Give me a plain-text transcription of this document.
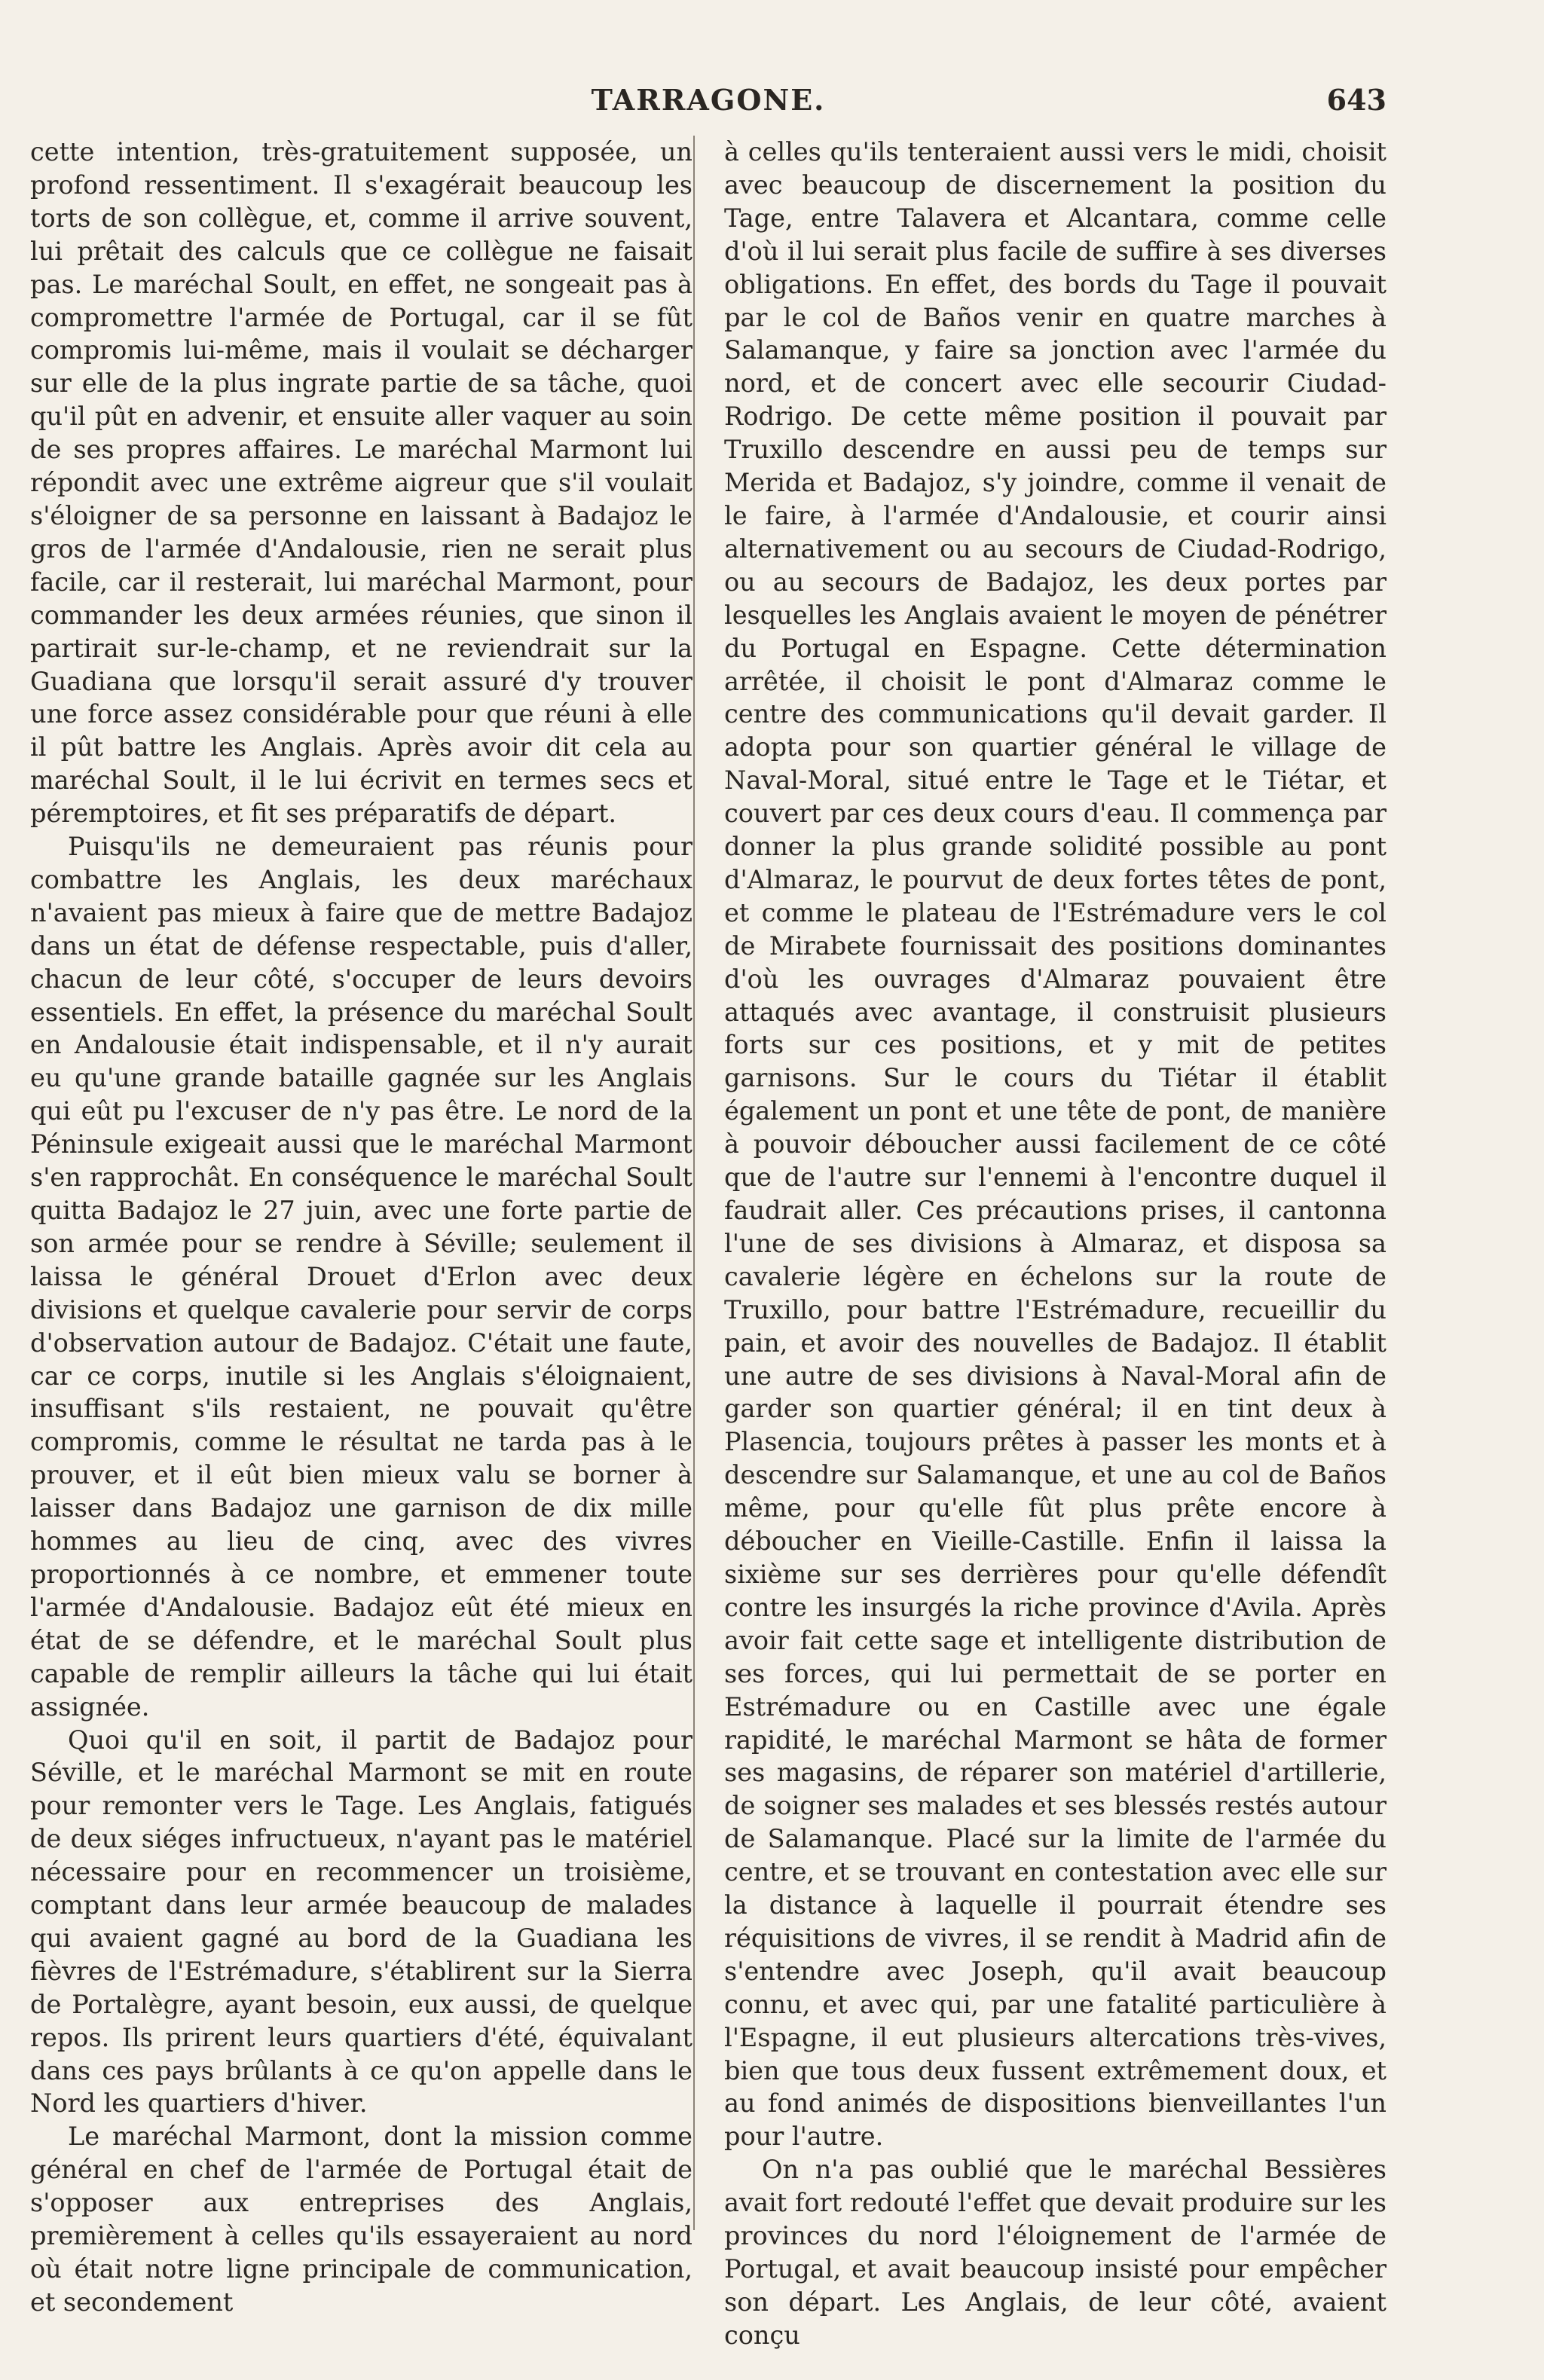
TARRAGONE.	643

cette intention, très-gratuitement supposée, un profond ressentiment. Il s'exagérait beaucoup les torts de son collègue, et, comme il arrive souvent, lui prêtait des calculs que ce collègue ne faisait pas. Le maréchal Soult, en effet, ne songeait pas à compromettre l'armée de Portugal, car il se fût compromis lui-même, mais il voulait se décharger sur elle de la plus ingrate partie de sa tâche, quoi qu'il pût en advenir, et ensuite aller vaquer au soin de ses propres affaires. Le maréchal Marmont lui répondit avec une extrême aigreur que s'il voulait s'éloigner de sa personne en laissant à Badajoz le gros de l'armée d'Andalousie, rien ne serait plus facile, car il resterait, lui maréchal Marmont, pour commander les deux armées réunies, que sinon il partirait sur-le-champ, et ne reviendrait sur la Guadiana que lorsqu'il serait assuré d'y trouver une force assez considérable pour que réuni à elle il pût battre les Anglais. Après avoir dit cela au maréchal Soult, il le lui écrivit en termes secs et péremptoires, et fit ses préparatifs de départ.

Puisqu'ils ne demeuraient pas réunis pour combattre les Anglais, les deux maréchaux n'avaient pas mieux à faire que de mettre Badajoz dans un état de défense respectable, puis d'aller, chacun de leur côté, s'occuper de leurs devoirs essentiels. En effet, la présence du maréchal Soult en Andalousie était indispensable, et il n'y aurait eu qu'une grande bataille gagnée sur les Anglais qui eût pu l'excuser de n'y pas être. Le nord de la Péninsule exigeait aussi que le maréchal Marmont s'en rapprochât. En conséquence le maréchal Soult quitta Badajoz le 27 juin, avec une forte partie de son armée pour se rendre à Séville; seulement il laissa le général Drouet d'Erlon avec deux divisions et quelque cavalerie pour servir de corps d'observation autour de Badajoz. C'était une faute, car ce corps, inutile si les Anglais s'éloignaient, insuffisant s'ils restaient, ne pouvait qu'être compromis, comme le résultat ne tarda pas à le prouver, et il eût bien mieux valu se borner à laisser dans Badajoz une garnison de dix mille hommes au lieu de cinq, avec des vivres proportionnés à ce nombre, et emmener toute l'armée d'Andalousie. Badajoz eût été mieux en état de se défendre, et le maréchal Soult plus capable de remplir ailleurs la tâche qui lui était assignée.

Quoi qu'il en soit, il partit de Badajoz pour Séville, et le maréchal Marmont se mit en route pour remonter vers le Tage. Les Anglais, fatigués de deux siéges infructueux, n'ayant pas le matériel nécessaire pour en recommencer un troisième, comptant dans leur armée beaucoup de malades qui avaient gagné au bord de la Guadiana les fièvres de l'Estrémadure, s'établirent sur la Sierra de Portalègre, ayant besoin, eux aussi, de quelque repos. Ils prirent leurs quartiers d'été, équivalant dans ces pays brûlants à ce qu'on appelle dans le Nord les quartiers d'hiver.

Le maréchal Marmont, dont la mission comme général en chef de l'armée de Portugal était de s'opposer aux entreprises des Anglais, premièrement à celles qu'ils essayeraient au nord où était notre ligne principale de communication, et secondement

à celles qu'ils tenteraient aussi vers le midi, choisit avec beaucoup de discernement la position du Tage, entre Talavera et Alcantara, comme celle d'où il lui serait plus facile de suffire à ses diverses obligations. En effet, des bords du Tage il pouvait par le col de Baños venir en quatre marches à Salamanque, y faire sa jonction avec l'armée du nord, et de concert avec elle secourir Ciudad-Rodrigo. De cette même position il pouvait par Truxillo descendre en aussi peu de temps sur Merida et Badajoz, s'y joindre, comme il venait de le faire, à l'armée d'Andalousie, et courir ainsi alternativement ou au secours de Ciudad-Rodrigo, ou au secours de Badajoz, les deux portes par lesquelles les Anglais avaient le moyen de pénétrer du Portugal en Espagne. Cette détermination arrêtée, il choisit le pont d'Almaraz comme le centre des communications qu'il devait garder. Il adopta pour son quartier général le village de Naval-Moral, situé entre le Tage et le Tiétar, et couvert par ces deux cours d'eau. Il commença par donner la plus grande solidité possible au pont d'Almaraz, le pourvut de deux fortes têtes de pont, et comme le plateau de l'Estrémadure vers le col de Mirabete fournissait des positions dominantes d'où les ouvrages d'Almaraz pouvaient être attaqués avec avantage, il construisit plusieurs forts sur ces positions, et y mit de petites garnisons. Sur le cours du Tiétar il établit également un pont et une tête de pont, de manière à pouvoir déboucher aussi facilement de ce côté que de l'autre sur l'ennemi à l'encontre duquel il faudrait aller. Ces précautions prises, il cantonna l'une de ses divisions à Almaraz, et disposa sa cavalerie légère en échelons sur la route de Truxillo, pour battre l'Estrémadure, recueillir du pain, et avoir des nouvelles de Badajoz. Il établit une autre de ses divisions à Naval-Moral afin de garder son quartier général; il en tint deux à Plasencia, toujours prêtes à passer les monts et à descendre sur Salamanque, et une au col de Baños même, pour qu'elle fût plus prête encore à déboucher en Vieille-Castille. Enfin il laissa la sixième sur ses derrières pour qu'elle défendît contre les insurgés la riche province d'Avila. Après avoir fait cette sage et intelligente distribution de ses forces, qui lui permettait de se porter en Estrémadure ou en Castille avec une égale rapidité, le maréchal Marmont se hâta de former ses magasins, de réparer son matériel d'artillerie, de soigner ses malades et ses blessés restés autour de Salamanque. Placé sur la limite de l'armée du centre, et se trouvant en contestation avec elle sur la distance à laquelle il pourrait étendre ses réquisitions de vivres, il se rendit à Madrid afin de s'entendre avec Joseph, qu'il avait beaucoup connu, et avec qui, par une fatalité particulière à l'Espagne, il eut plusieurs altercations très-vives, bien que tous deux fussent extrêmement doux, et au fond animés de dispositions bienveillantes l'un pour l'autre.

On n'a pas oublié que le maréchal Bessières avait fort redouté l'effet que devait produire sur les provinces du nord l'éloignement de l'armée de Portugal, et avait beaucoup insisté pour empêcher son départ. Les Anglais, de leur côté, avaient conçu
